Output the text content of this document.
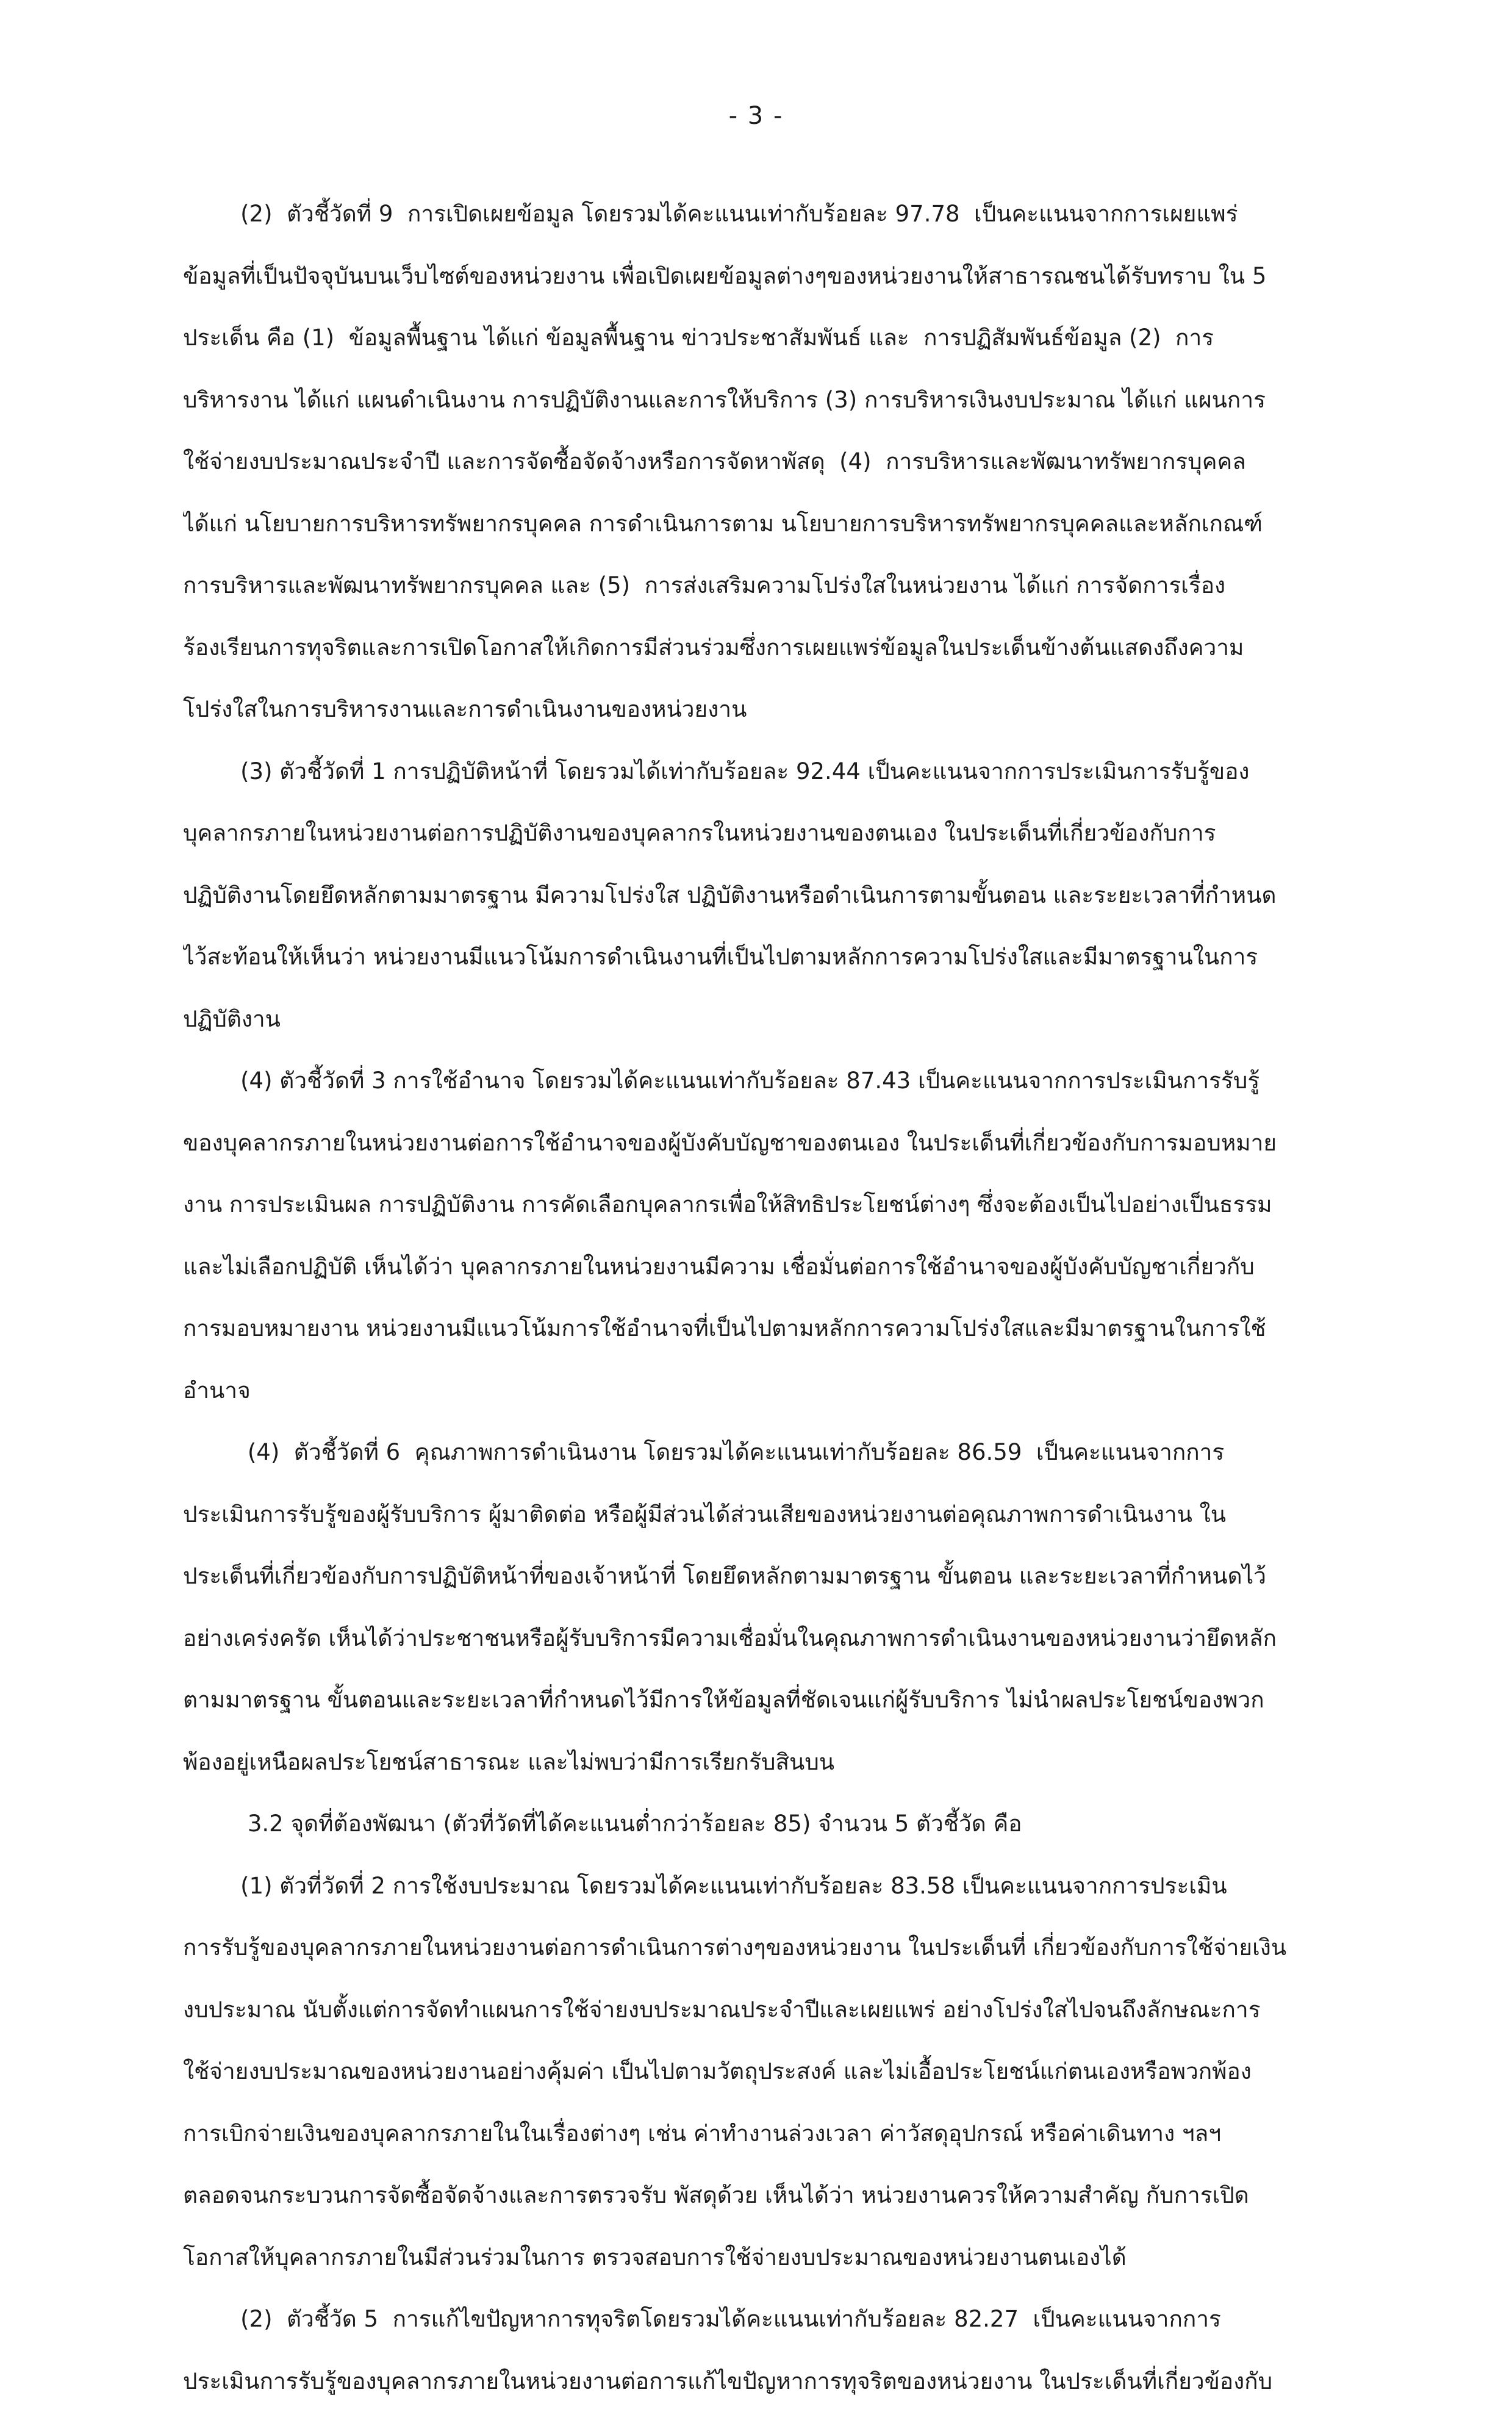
- 3 -
(2)  ตัวชี้วัดที่ 9  การเปิดเผยข้อมูล โดยรวมได้คะแนนเท่ากับร้อยละ 97.78  เป็นคะแนนจากการเผยแพร่
ข้อมูลที่เป็นปัจจุบันบนเว็บไซต์ของหน่วยงาน เพื่อเปิดเผยข้อมูลต่างๆของหน่วยงานให้สาธารณชนได้รับทราบ ใน 5
ประเด็น คือ (1)  ข้อมูลพื้นฐาน ได้แก่ ข้อมูลพื้นฐาน ข่าวประชาสัมพันธ์ และ  การปฏิสัมพันธ์ข้อมูล (2)  การ
บริหารงาน ได้แก่ แผนดำเนินงาน การปฏิบัติงานและการให้บริการ (3) การบริหารเงินงบประมาณ ได้แก่ แผนการ
ใช้จ่ายงบประมาณประจำปี และการจัดซื้อจัดจ้างหรือการจัดหาพัสดุ  (4)  การบริหารและพัฒนาทรัพยากรบุคคล
ได้แก่ นโยบายการบริหารทรัพยากรบุคคล การดำเนินการตาม นโยบายการบริหารทรัพยากรบุคคลและหลักเกณฑ์
การบริหารและพัฒนาทรัพยากรบุคคล และ (5)  การส่งเสริมความโปร่งใสในหน่วยงาน ได้แก่ การจัดการเรื่อง
ร้องเรียนการทุจริตและการเปิดโอกาสให้เกิดการมีส่วนร่วมซึ่งการเผยแพร่ข้อมูลในประเด็นข้างต้นแสดงถึงความ
โปร่งใสในการบริหารงานและการดำเนินงานของหน่วยงาน
(3) ตัวชี้วัดที่ 1 การปฏิบัติหน้าที่ โดยรวมได้เท่ากับร้อยละ 92.44 เป็นคะแนนจากการประเมินการรับรู้ของ
บุคลากรภายในหน่วยงานต่อการปฏิบัติงานของบุคลากรในหน่วยงานของตนเอง ในประเด็นที่เกี่ยวข้องกับการ
ปฏิบัติงานโดยยึดหลักตามมาตรฐาน มีความโปร่งใส ปฏิบัติงานหรือดำเนินการตามขั้นตอน และระยะเวลาที่กำหนด
ไว้สะท้อนให้เห็นว่า หน่วยงานมีแนวโน้มการดำเนินงานที่เป็นไปตามหลักการความโปร่งใสและมีมาตรฐานในการ
ปฏิบัติงาน
(4) ตัวชี้วัดที่ 3 การใช้อำนาจ โดยรวมได้คะแนนเท่ากับร้อยละ 87.43 เป็นคะแนนจากการประเมินการรับรู้
ของบุคลากรภายในหน่วยงานต่อการใช้อำนาจของผู้บังคับบัญชาของตนเอง ในประเด็นที่เกี่ยวข้องกับการมอบหมาย
งาน การประเมินผล การปฏิบัติงาน การคัดเลือกบุคลากรเพื่อให้สิทธิประโยชน์ต่างๆ ซึ่งจะต้องเป็นไปอย่างเป็นธรรม
และไม่เลือกปฏิบัติ เห็นได้ว่า บุคลากรภายในหน่วยงานมีความ เชื่อมั่นต่อการใช้อำนาจของผู้บังคับบัญชาเกี่ยวกับ
การมอบหมายงาน หน่วยงานมีแนวโน้มการใช้อำนาจที่เป็นไปตามหลักการความโปร่งใสและมีมาตรฐานในการใช้
อำนาจ
(4)  ตัวชี้วัดที่ 6  คุณภาพการดำเนินงาน โดยรวมได้คะแนนเท่ากับร้อยละ 86.59  เป็นคะแนนจากการ
ประเมินการรับรู้ของผู้รับบริการ ผู้มาติดต่อ หรือผู้มีส่วนได้ส่วนเสียของหน่วยงานต่อคุณภาพการดำเนินงาน ใน
ประเด็นที่เกี่ยวข้องกับการปฏิบัติหน้าที่ของเจ้าหน้าที่ โดยยึดหลักตามมาตรฐาน ขั้นตอน และระยะเวลาที่กำหนดไว้
อย่างเคร่งครัด เห็นได้ว่าประชาชนหรือผู้รับบริการมีความเชื่อมั่นในคุณภาพการดำเนินงานของหน่วยงานว่ายึดหลัก
ตามมาตรฐาน ขั้นตอนและระยะเวลาที่กำหนดไว้มีการให้ข้อมูลที่ชัดเจนแก่ผู้รับบริการ ไม่นำผลประโยชน์ของพวก
พ้องอยู่เหนือผลประโยชน์สาธารณะ และไม่พบว่ามีการเรียกรับสินบน
3.2 จุดที่ต้องพัฒนา (ตัวที่วัดที่ได้คะแนนต่ำกว่าร้อยละ 85) จำนวน 5 ตัวชี้วัด คือ
(1) ตัวที่วัดที่ 2 การใช้งบประมาณ โดยรวมได้คะแนนเท่ากับร้อยละ 83.58 เป็นคะแนนจากการประเมิน
การรับรู้ของบุคลากรภายในหน่วยงานต่อการดำเนินการต่างๆของหน่วยงาน ในประเด็นที่ เกี่ยวข้องกับการใช้จ่ายเงิน
งบประมาณ นับตั้งแต่การจัดทำแผนการใช้จ่ายงบประมาณประจำปีและเผยแพร่ อย่างโปร่งใสไปจนถึงลักษณะการ
ใช้จ่ายงบประมาณของหน่วยงานอย่างคุ้มค่า เป็นไปตามวัตถุประสงค์ และไม่เอื้อประโยชน์แก่ตนเองหรือพวกพ้อง
การเบิกจ่ายเงินของบุคลากรภายในในเรื่องต่างๆ เช่น ค่าทำงานล่วงเวลา ค่าวัสดุอุปกรณ์ หรือค่าเดินทาง ฯลฯ
ตลอดจนกระบวนการจัดซื้อจัดจ้างและการตรวจรับ พัสดุด้วย เห็นได้ว่า หน่วยงานควรให้ความสำคัญ กับการเปิด
โอกาสให้บุคลากรภายในมีส่วนร่วมในการ ตรวจสอบการใช้จ่ายงบประมาณของหน่วยงานตนเองได้
(2)  ตัวชี้วัด 5  การแก้ไขปัญหาการทุจริตโดยรวมได้คะแนนเท่ากับร้อยละ 82.27  เป็นคะแนนจากการ
ประเมินการรับรู้ของบุคลากรภายในหน่วยงานต่อการแก้ไขปัญหาการทุจริตของหน่วยงาน ในประเด็นที่เกี่ยวข้องกับ
